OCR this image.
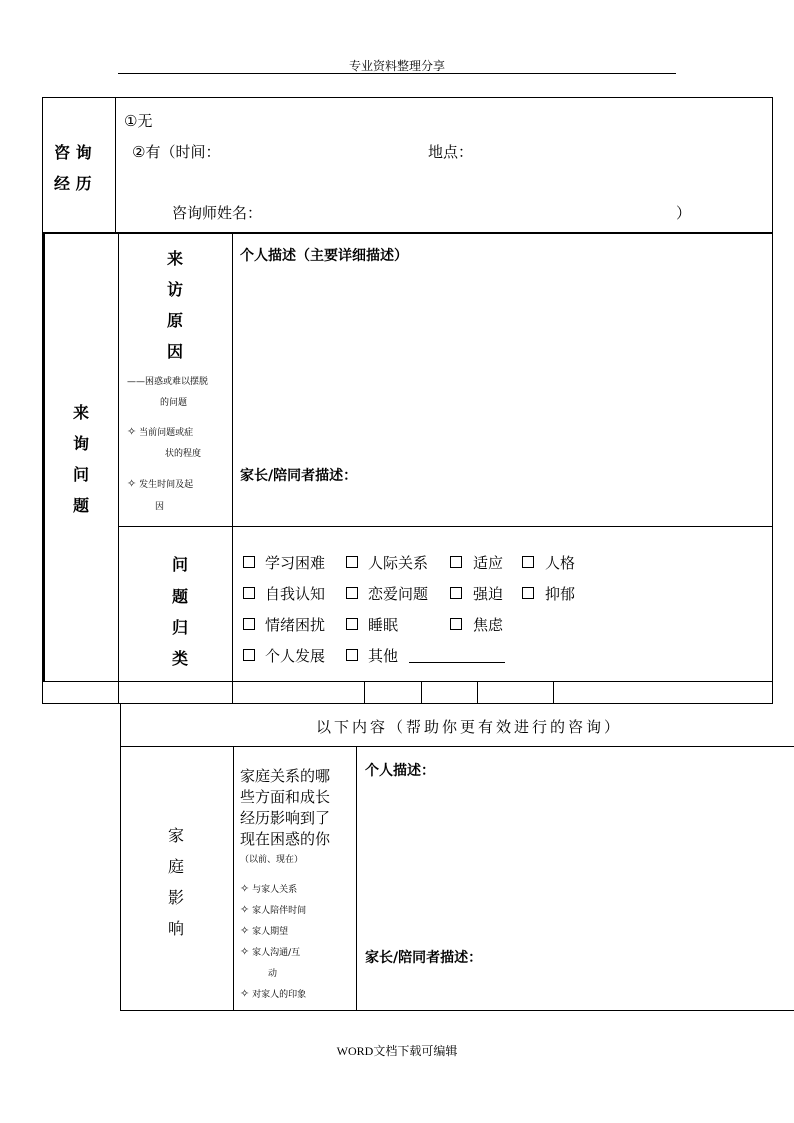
专业资料整理分享
咨 询
经 历
①无
②有（时间：	地点：
咨询师姓名：	）
来
询
问
题
来
访
原
因
——困惑或难以摆脱
的问题
✧ 当前问题或症
状的程度
✧ 发生时间及起
因
个人描述（主要详细描述）
家长/陪同者描述：
问
题
归
类
学习困难	人际关系	适应	人格
自我认知	恋爱问题	强迫	抑郁
情绪困扰	睡眠	焦虑
个人发展	其他
以下内容（帮助你更有效进行的咨询）
家
庭
影
响
家庭关系的哪
些方面和成长
经历影响到了
现在困惑的你
（以前、现在）
✧ 与家人关系
✧ 家人陪伴时间
✧ 家人期望
✧ 家人沟通/互
动
✧ 对家人的印象
个人描述：
家长/陪同者描述：
WORD文档下载可编辑
